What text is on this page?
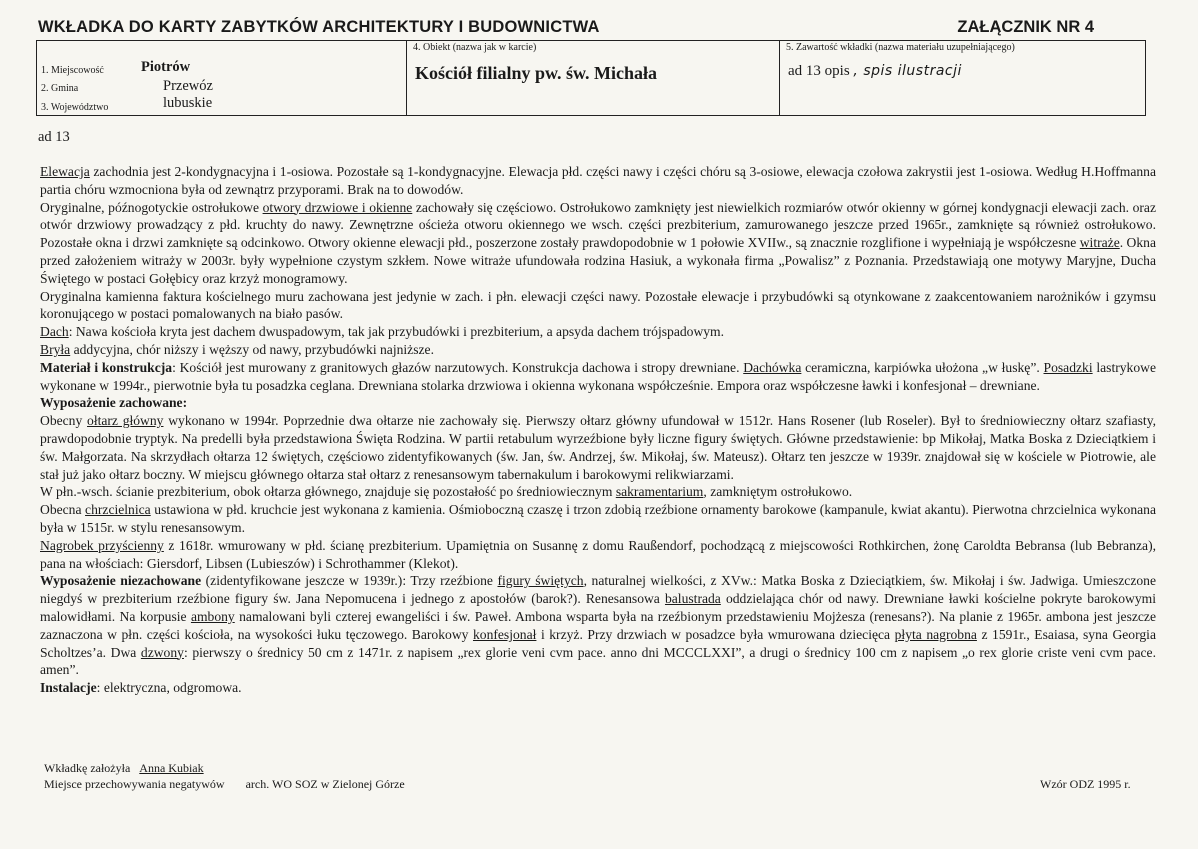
WKŁADKA DO KARTY ZABYTKÓW ARCHITEKTURY I BUDOWNICTWA	ZAŁĄCZNIK NR 4
1. Miejscowość	Piotrów
2. Gmina	Przewóz
3. Województwo	lubuskie
4. Obiekt (nazwa jak w karcie)
Kościół filialny pw. św. Michała
5. Zawartość wkładki (nazwa materiału uzupełniającego)
ad 13 opis , spis ilustracji
ad 13

Elewacja zachodnia jest 2-kondygnacyjna i 1-osiowa. Pozostałe są 1-kondygnacyjne. Elewacja płd. części nawy i części chóru są 3-osiowe, elewacja czołowa zakrystii jest 1-osiowa. Według H.Hoffmanna partia chóru wzmocniona była od zewnątrz przyporami. Brak na to dowodów.

Oryginalne, późnogotyckie ostrołukowe otwory drzwiowe i okienne zachowały się częściowo. Ostrołukowo zamknięty jest niewielkich rozmiarów otwór okienny w górnej kondygnacji elewacji zach. oraz otwór drzwiowy prowadzący z płd. kruchty do nawy. Zewnętrzne ościeża otworu okiennego we wsch. części prezbiterium, zamurowanego jeszcze przed 1965r., zamknięte są również ostrołukowo. Pozostałe okna i drzwi zamknięte są odcinkowo. Otwory okienne elewacji płd., poszerzone zostały prawdopodobnie w 1 połowie XVIIw., są znacznie rozglifione i wypełniają je współczesne witraże. Okna przed założeniem witraży w 2003r. były wypełnione czystym szkłem. Nowe witraże ufundowała rodzina Hasiuk, a wykonała firma „Powalisz” z Poznania. Przedstawiają one motywy Maryjne, Ducha Świętego w postaci Gołębicy oraz krzyż monogramowy.

Oryginalna kamienna faktura kościelnego muru zachowana jest jedynie w zach. i płn. elewacji części nawy. Pozostałe elewacje i przybudówki są otynkowane z zaakcentowaniem narożników i gzymsu koronującego w postaci pomalowanych na biało pasów.

Dach: Nawa kościoła kryta jest dachem dwuspadowym, tak jak przybudówki i prezbiterium, a apsyda dachem trójspadowym.

Bryła addycyjna, chór niższy i węższy od nawy, przybudówki najniższe.

Materiał i konstrukcja: Kościół jest murowany z granitowych głazów narzutowych. Konstrukcja dachowa i stropy drewniane. Dachówka ceramiczna, karpiówka ułożona „w łuskę”. Posadzki lastrykowe wykonane w 1994r., pierwotnie była tu posadzka ceglana. Drewniana stolarka drzwiowa i okienna wykonana współcześnie. Empora oraz współczesne ławki i konfesjonał – drewniane.

Wyposażenie zachowane:

Obecny ołtarz główny wykonano w 1994r. Poprzednie dwa ołtarze nie zachowały się. Pierwszy ołtarz główny ufundował w 1512r. Hans Rosener (lub Roseler). Był to średniowieczny ołtarz szafiasty, prawdopodobnie tryptyk. Na predelli była przedstawiona Święta Rodzina. W partii retabulum wyrzeźbione były liczne figury świętych. Główne przedstawienie: bp Mikołaj, Matka Boska z Dzieciątkiem i św. Małgorzata. Na skrzydłach ołtarza 12 świętych, częściowo zidentyfikowanych (św. Jan, św. Andrzej, św. Mikołaj, św. Mateusz). Ołtarz ten jeszcze w 1939r. znajdował się w kościele w Piotrowie, ale stał już jako ołtarz boczny. W miejscu głównego ołtarza stał ołtarz z renesansowym tabernakulum i barokowymi relikwiarzami.

W płn.-wsch. ścianie prezbiterium, obok ołtarza głównego, znajduje się pozostałość po średniowiecznym sakramentarium, zamkniętym ostrołukowo.

Obecna chrzcielnica ustawiona w płd. kruchcie jest wykonana z kamienia. Ośmioboczną czaszę i trzon zdobią rzeźbione ornamenty barokowe (kampanule, kwiat akantu). Pierwotna chrzcielnica wykonana była w 1515r. w stylu renesansowym.

Nagrobek przyścienny z 1618r. wmurowany w płd. ścianę prezbiterium. Upamiętnia on Susannę z domu Raußendorf, pochodzącą z miejscowości Rothkirchen, żonę Caroldta Bebransa (lub Bebranza), pana na włościach: Giersdorf, Libsen (Lubieszów) i Schrothammer (Klekot).

Wyposażenie niezachowane (zidentyfikowane jeszcze w 1939r.): Trzy rzeźbione figury świętych, naturalnej wielkości, z XVw.: Matka Boska z Dzieciątkiem, św. Mikołaj i św. Jadwiga. Umieszczone niegdyś w prezbiterium rzeźbione figury św. Jana Nepomucena i jednego z apostołów (barok?). Renesansowa balustrada oddzielająca chór od nawy. Drewniane ławki kościelne pokryte barokowymi malowidłami. Na korpusie ambony namalowani byli czterej ewangeliści i św. Paweł. Ambona wsparta była na rzeźbionym przedstawieniu Mojżesza (renesans?). Na planie z 1965r. ambona jest jeszcze zaznaczona w płn. części kościoła, na wysokości łuku tęczowego. Barokowy konfesjonał i krzyż. Przy drzwiach w posadzce była wmurowana dziecięca płyta nagrobna z 1591r., Esaiasa, syna Georgia Scholtzes’a. Dwa dzwony: pierwszy o średnicy 50 cm z 1471r. z napisem „rex glorie veni cvm pace. anno dni MCCCLXXI”, a drugi o średnicy 100 cm z napisem „o rex glorie criste veni cvm pace. amen”.

Instalacje: elektryczna, odgromowa.

Wkładkę założyła Anna Kubiak
Miejsce przechowywania negatywów arch. WO SOZ w Zielonej Górze	Wzór ODZ 1995 r.
